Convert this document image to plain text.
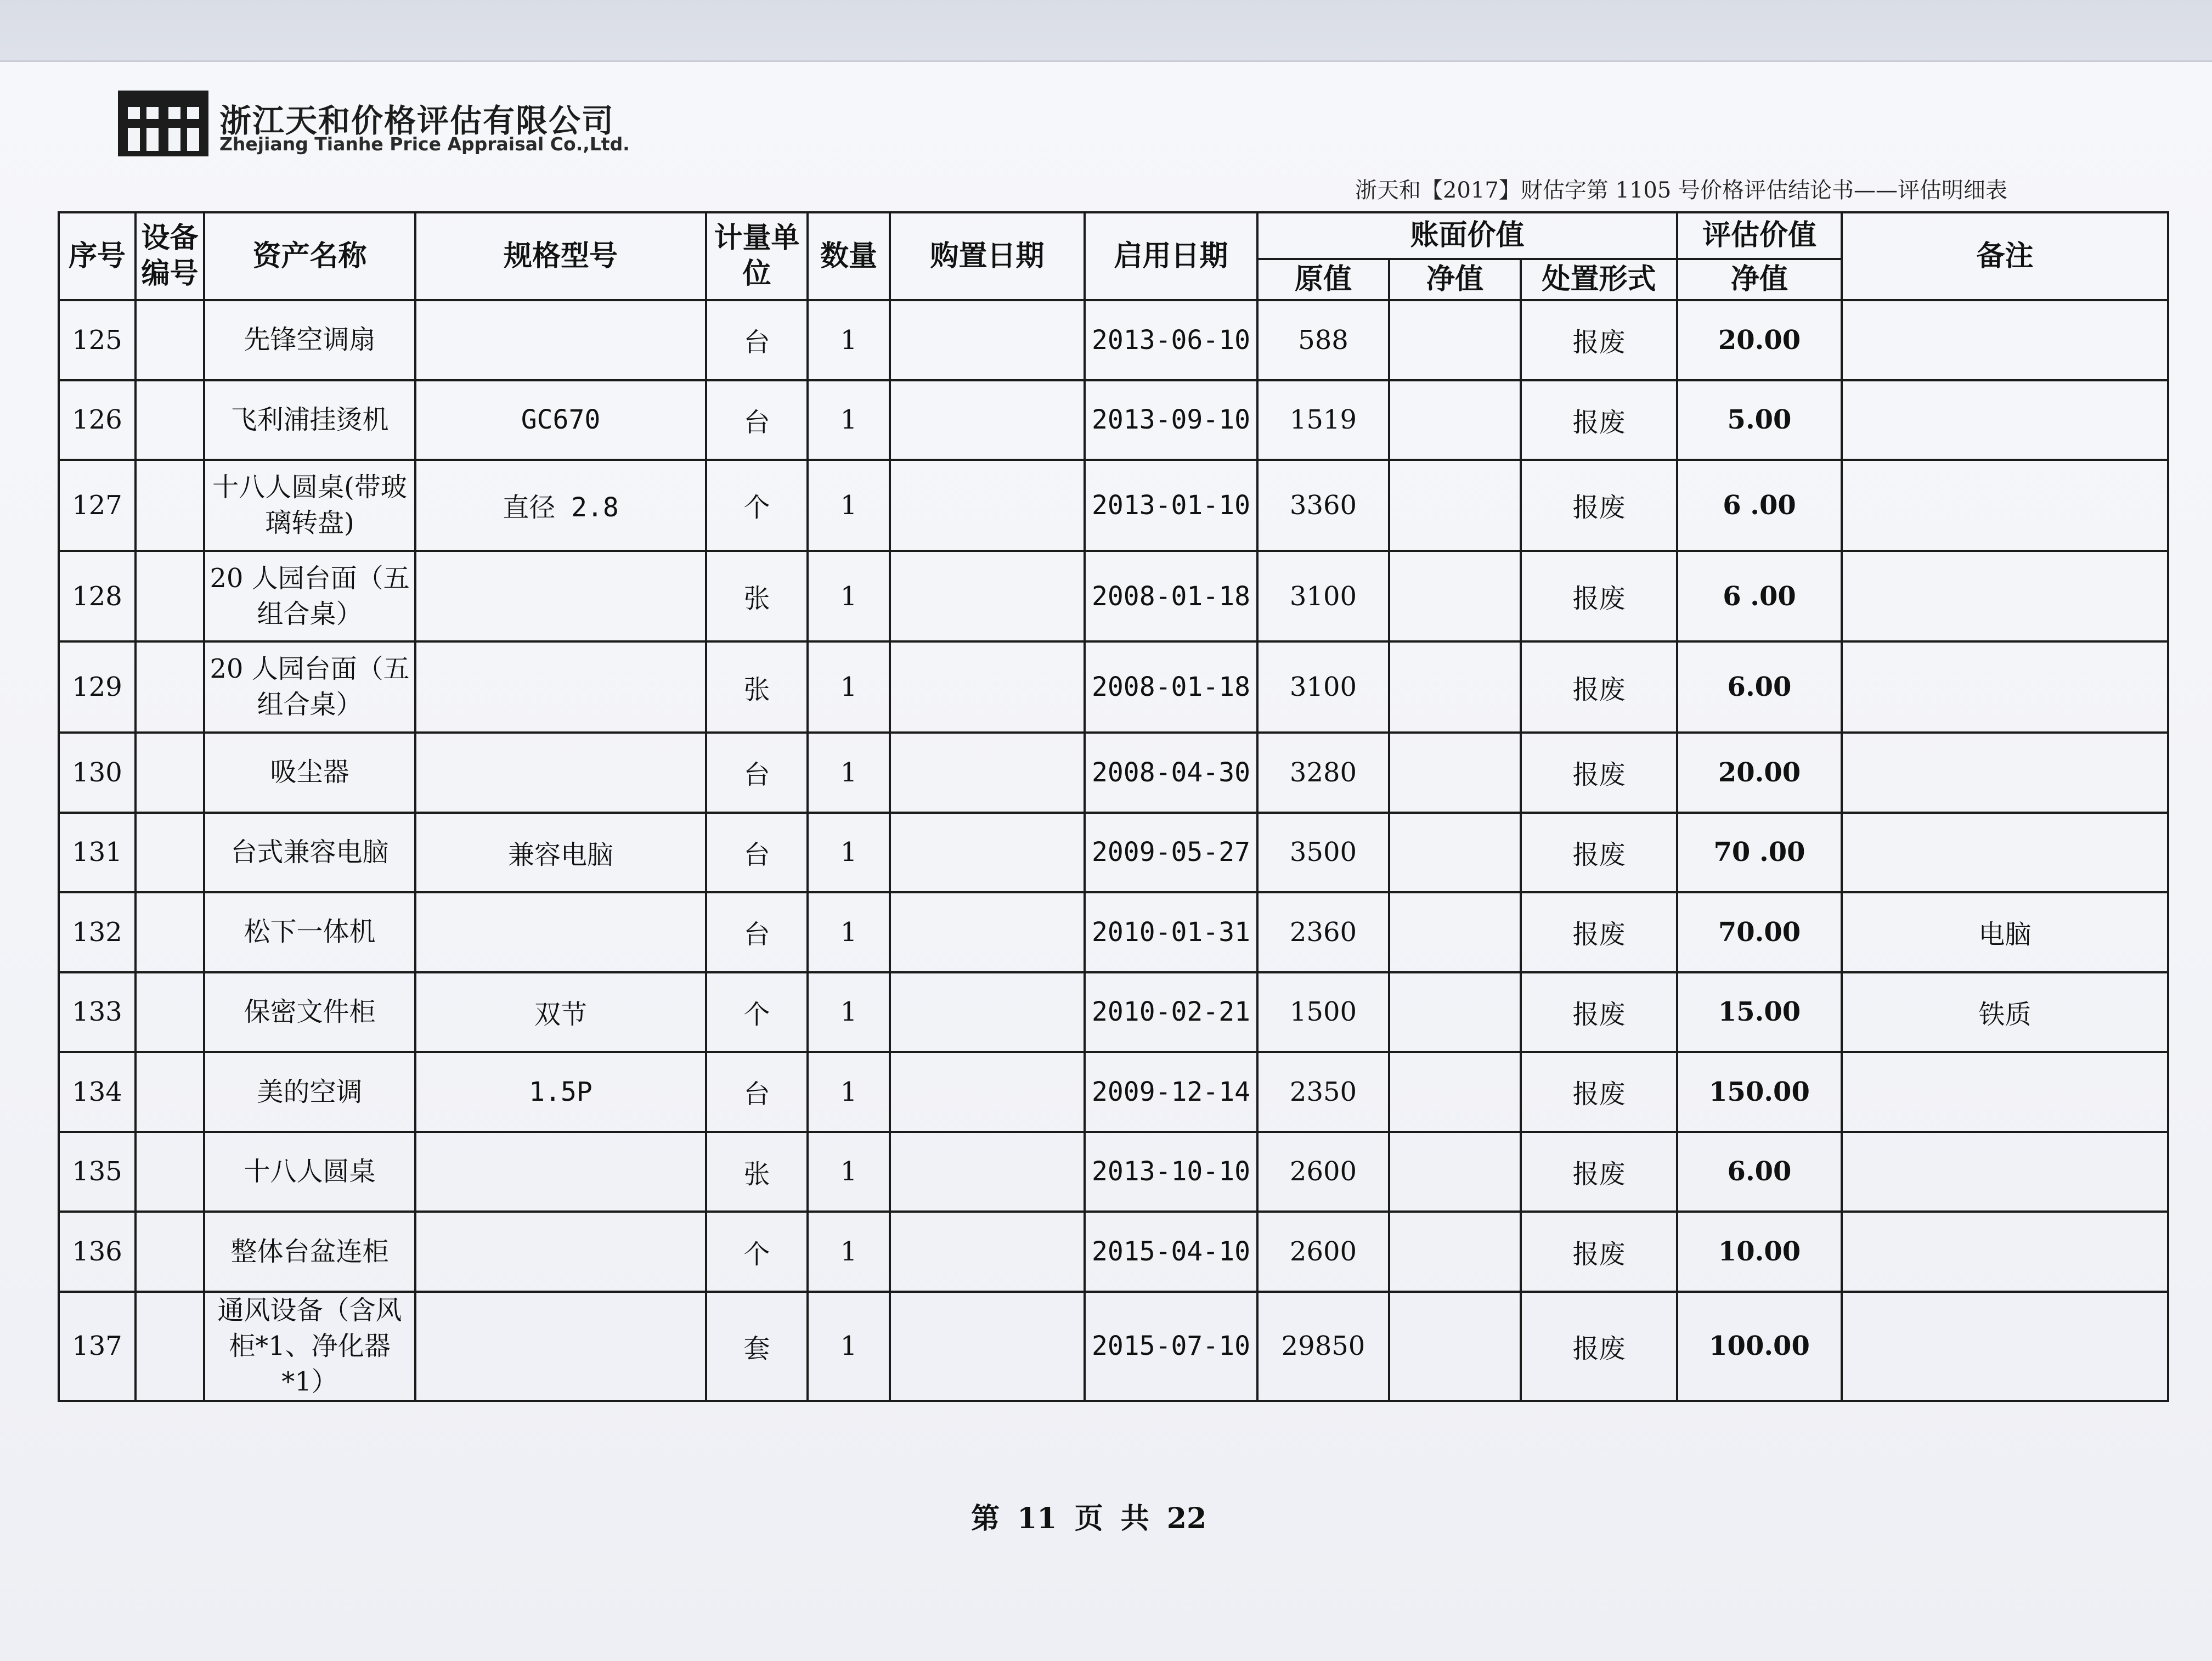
浙江天和价格评估有限公司
Zhejiang Tianhe Price Appraisal Co.,Ltd.
浙天和【2017】财估字第 1105 号价格评估结论书——评估明细表
序号	设备编号	资产名称	规格型号	计量单位	数量	购置日期	启用日期	账面价值			评估价值	备注
								原值	净值	处置形式	净值	
125		先锋空调扇		台	1		2013-06-10	588		报废	20.00	
126		飞利浦挂烫机	GC670	台	1		2013-09-10	1519		报废	5.00	
127		十八人圆桌(带玻璃转盘)	直径 2.8	个	1		2013-01-10	3360		报废	6 .00	
128		20 人园台面（五组合桌）		张	1		2008-01-18	3100		报废	6 .00	
129		20 人园台面（五组合桌）		张	1		2008-01-18	3100		报废	6.00	
130		吸尘器		台	1		2008-04-30	3280		报废	20.00	
131		台式兼容电脑	兼容电脑	台	1		2009-05-27	3500		报废	70 .00	
132		松下一体机		台	1		2010-01-31	2360		报废	70.00	电脑
133		保密文件柜	双节	个	1		2010-02-21	1500		报废	15.00	铁质
134		美的空调	1.5P	台	1		2009-12-14	2350		报废	150.00	
135		十八人圆桌		张	1		2013-10-10	2600		报废	6.00	
136		整体台盆连柜		个	1		2015-04-10	2600		报废	10.00	
137		通风设备（含风柜*1、净化器*1）		套	1		2015-07-10	29850		报废	100.00	
第 11 页 共 22
